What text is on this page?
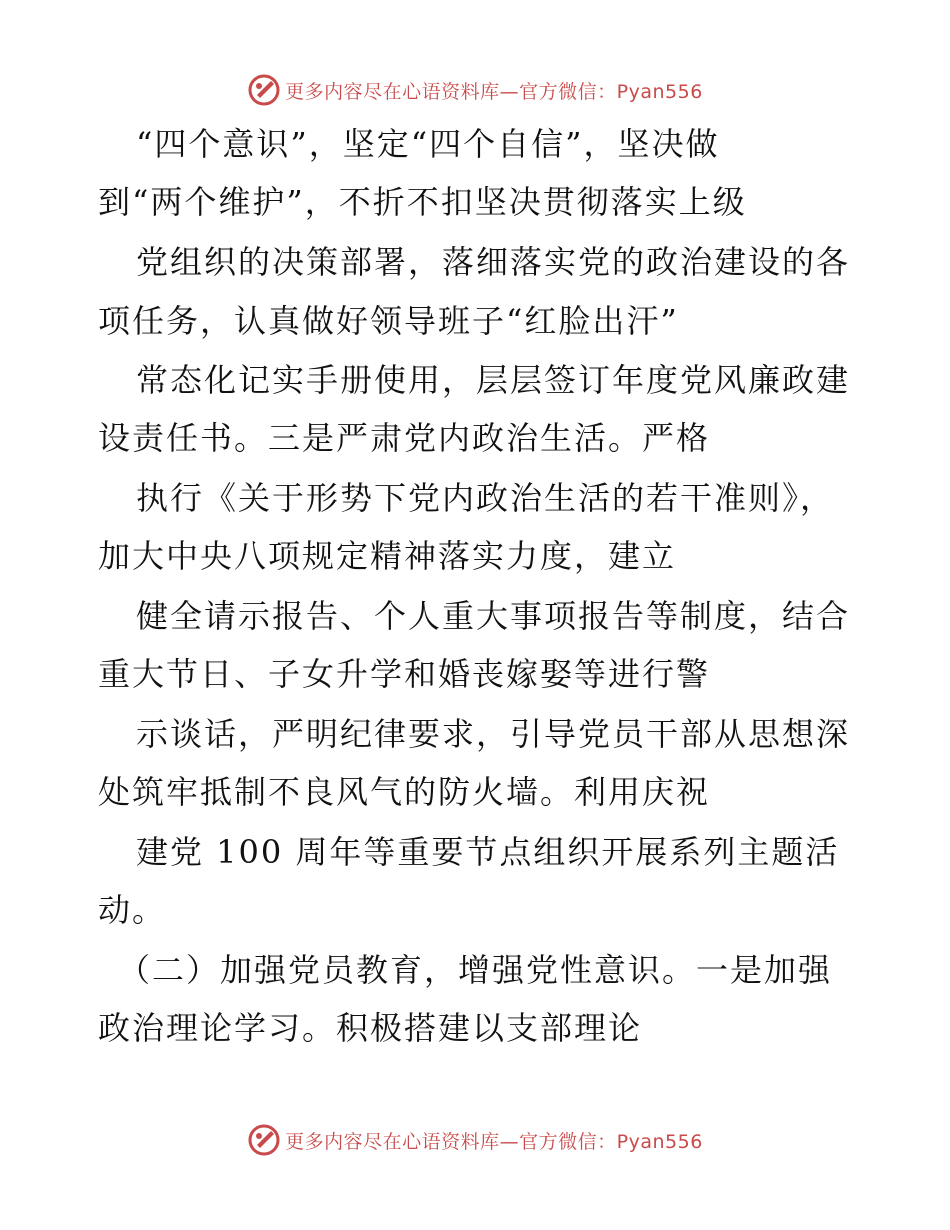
更多内容尽在心语资料库—官方微信：Pyan556
“四个意识”，坚定“四个自信”，坚决做
到“两个维护”，不折不扣坚决贯彻落实上级
党组织的决策部署，落细落实党的政治建设的各
项任务，认真做好领导班子“红脸出汗”
常态化记实手册使用，层层签订年度党风廉政建
设责任书。三是严肃党内政治生活。严格
执行《关于形势下党内政治生活的若干准则》，
加大中央八项规定精神落实力度，建立
健全请示报告、个人重大事项报告等制度，结合
重大节日、子女升学和婚丧嫁娶等进行警
示谈话，严明纪律要求，引导党员干部从思想深
处筑牢抵制不良风气的防火墙。利用庆祝
建党 100 周年等重要节点组织开展系列主题活
动。
（二）加强党员教育，增强党性意识。一是加强
政治理论学习。积极搭建以支部理论
更多内容尽在心语资料库—官方微信：Pyan556
